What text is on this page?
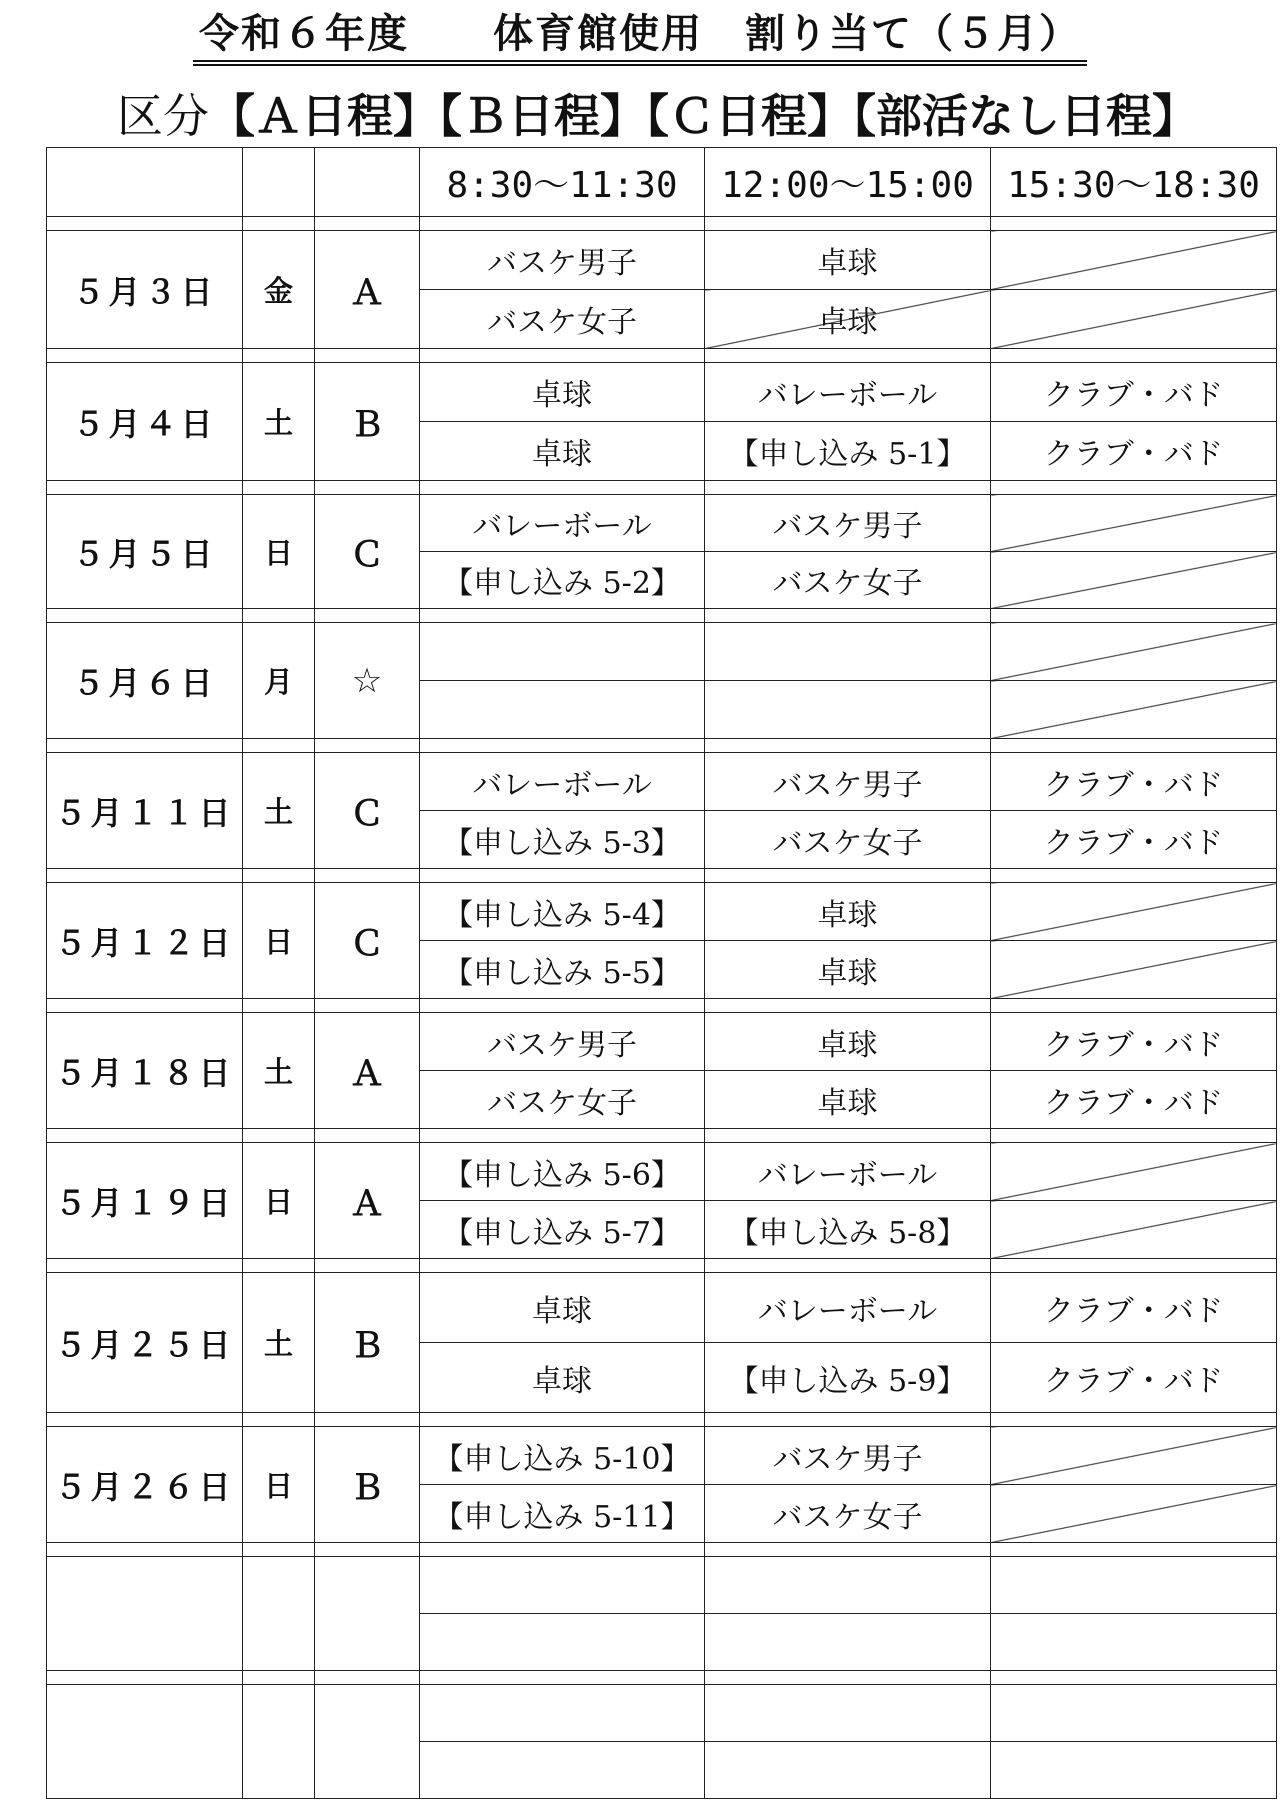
令和６年度　　体育館使用　割り当て（５月）
区分【Ａ日程】【Ｂ日程】【Ｃ日程】【部活なし日程】
			8:30～11:30	12:00～15:00	15:30～18:30

５月３日	金	Ａ	バスケ男子	卓球	
			バスケ女子	卓球	

５月４日	土	Ｂ	卓球	バレーボール	クラブ・バド
			卓球	【申し込み 5-1】	クラブ・バド

５月５日	日	Ｃ	バレーボール	バスケ男子	
			【申し込み 5-2】	バスケ女子	

５月６日	月	☆			

５月１１日	土	Ｃ	バレーボール	バスケ男子	クラブ・バド
			【申し込み 5-3】	バスケ女子	クラブ・バド

５月１２日	日	Ｃ	【申し込み 5-4】	卓球	
			【申し込み 5-5】	卓球	

５月１８日	土	Ａ	バスケ男子	卓球	クラブ・バド
			バスケ女子	卓球	クラブ・バド

５月１９日	日	Ａ	【申し込み 5-6】	バレーボール	
			【申し込み 5-7】	【申し込み 5-8】	

５月２５日	土	Ｂ	卓球	バレーボール	クラブ・バド
			卓球	【申し込み 5-9】	クラブ・バド

５月２６日	日	Ｂ	【申し込み 5-10】	バスケ男子	
			【申し込み 5-11】	バスケ女子	
